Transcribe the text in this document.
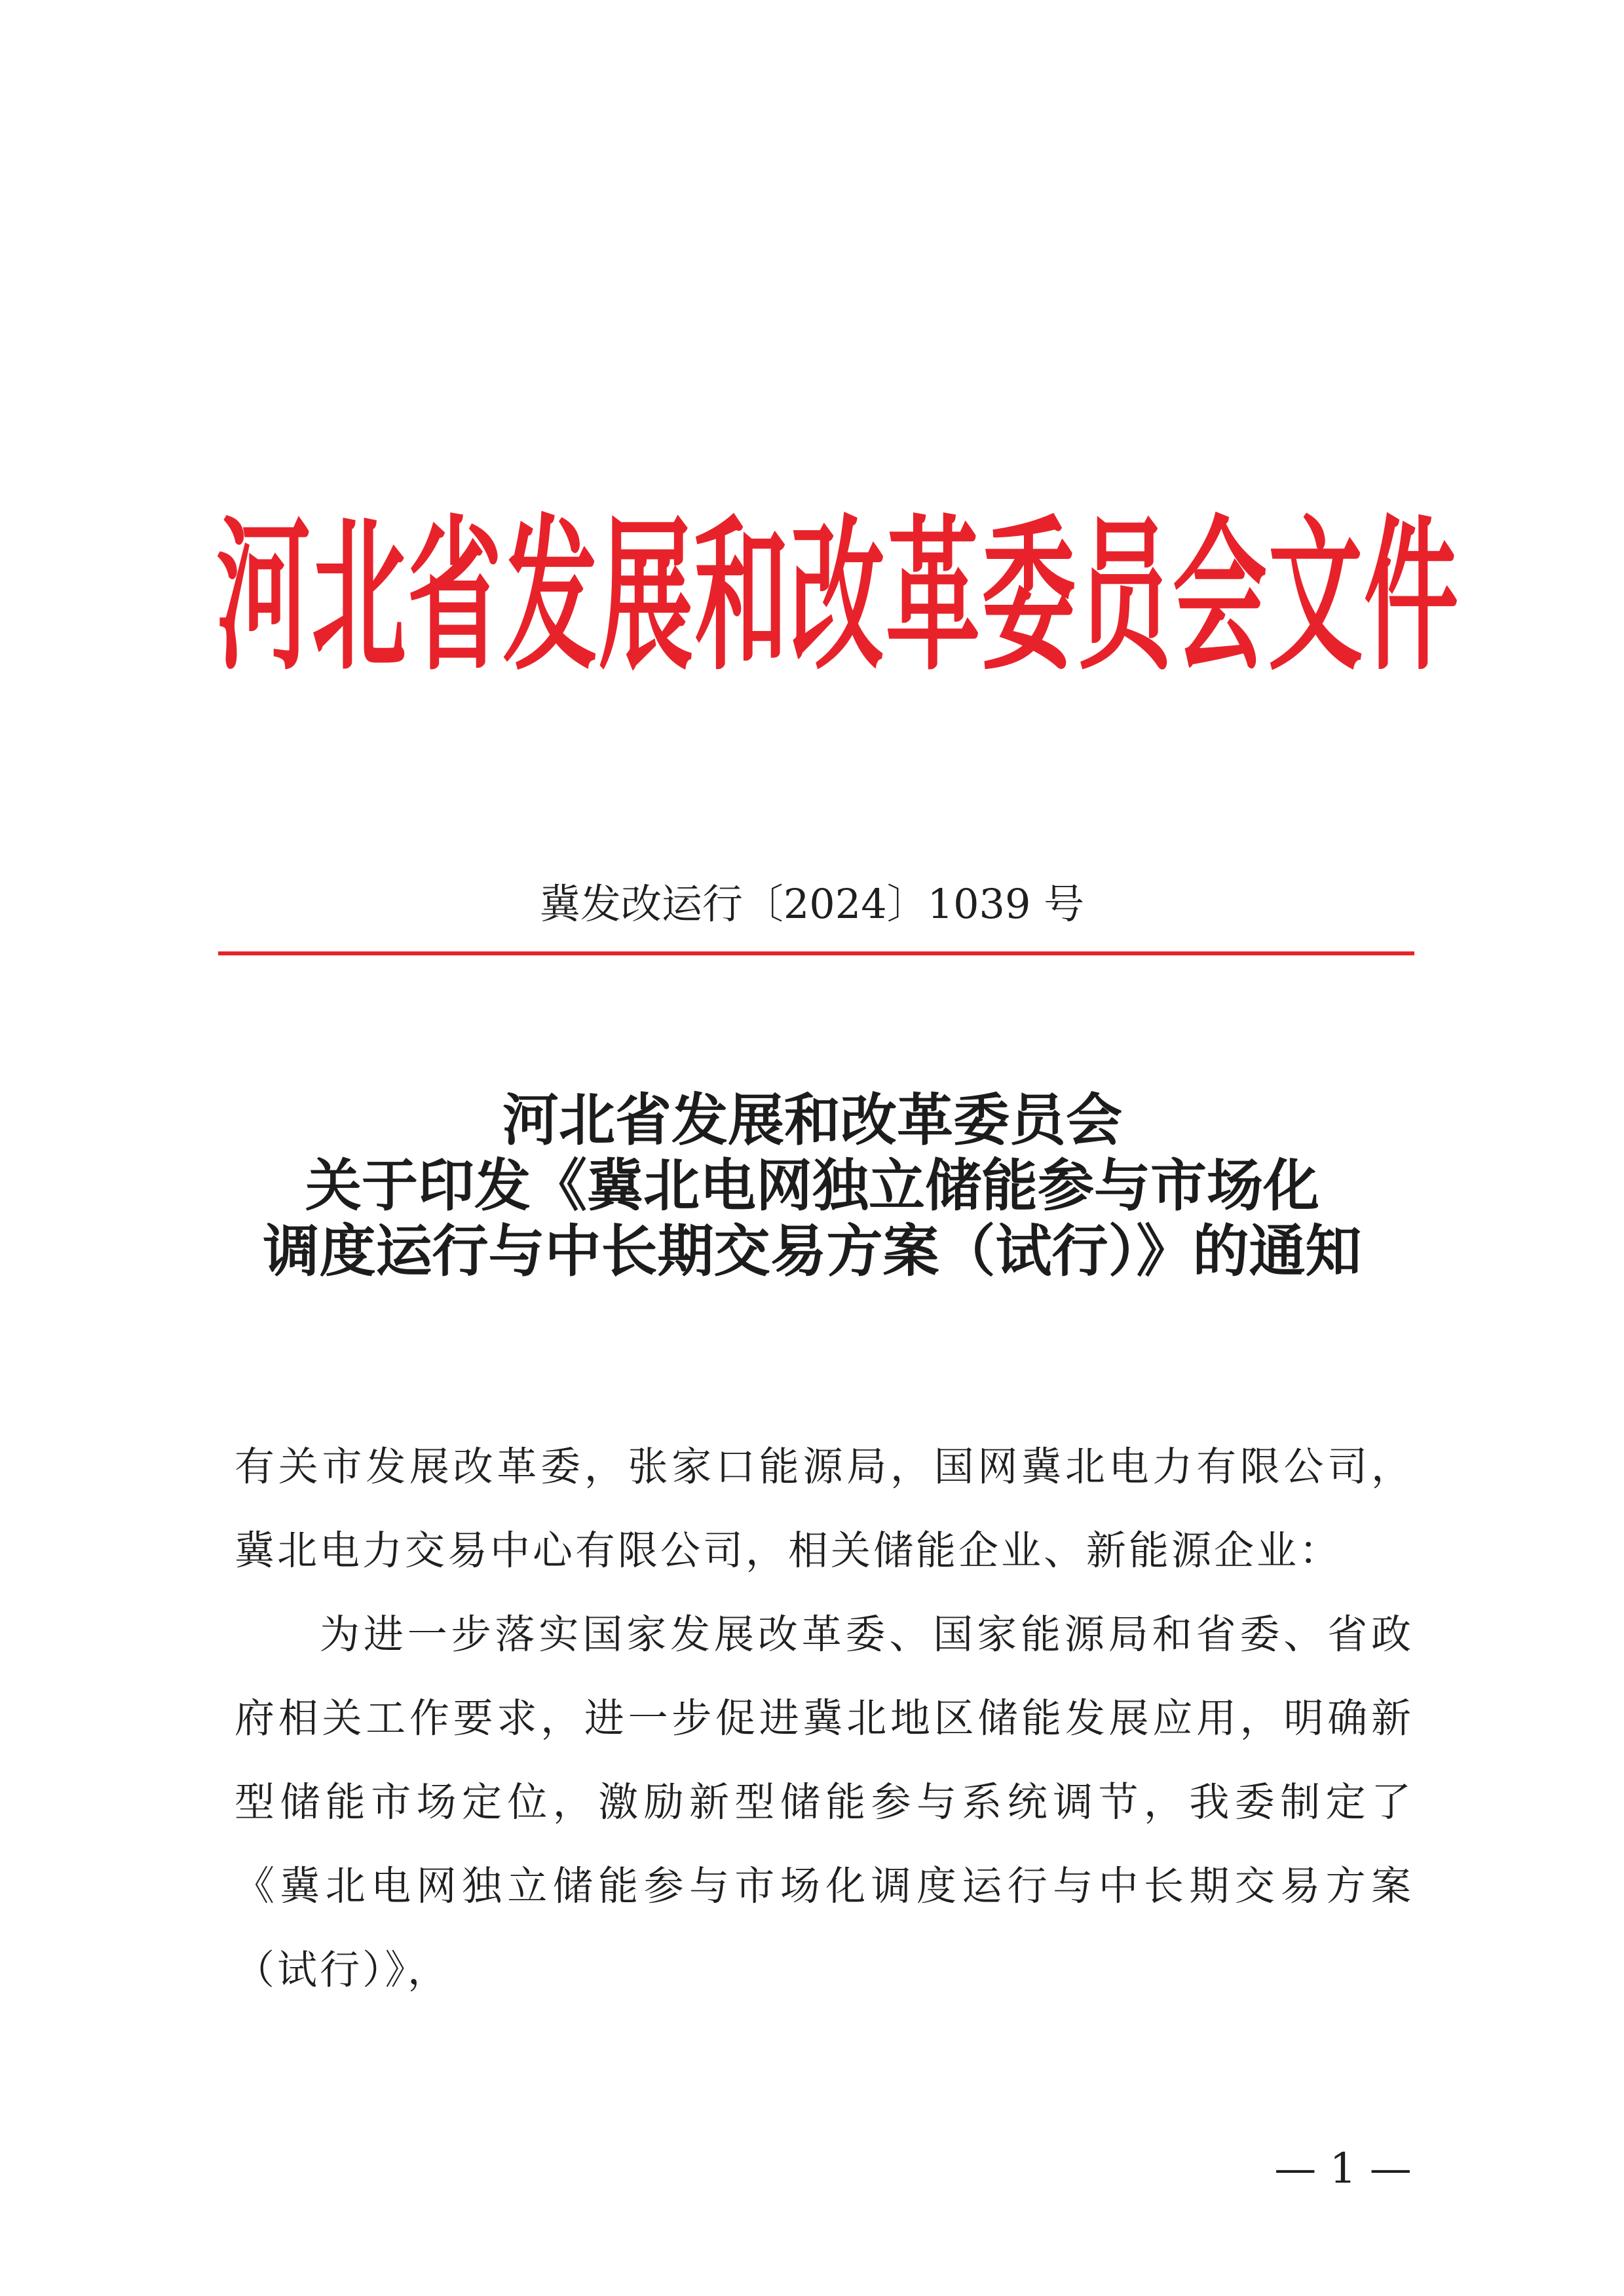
河北省发展和改革委员会文件
冀发改运行〔2024〕1039 号
河北省发展和改革委员会
关于印发《冀北电网独立储能参与市场化
调度运行与中长期交易方案（试行）》的通知

有关市发展改革委，张家口能源局，国网冀北电力有限公司，冀北电力交易中心有限公司，相关储能企业、新能源企业：

为进一步落实国家发展改革委、国家能源局和省委、省政府相关工作要求，进一步促进冀北地区储能发展应用，明确新型储能市场定位，激励新型储能参与系统调节，我委制定了《冀北电网独立储能参与市场化调度运行与中长期交易方案（试行）》，

— 1 —
